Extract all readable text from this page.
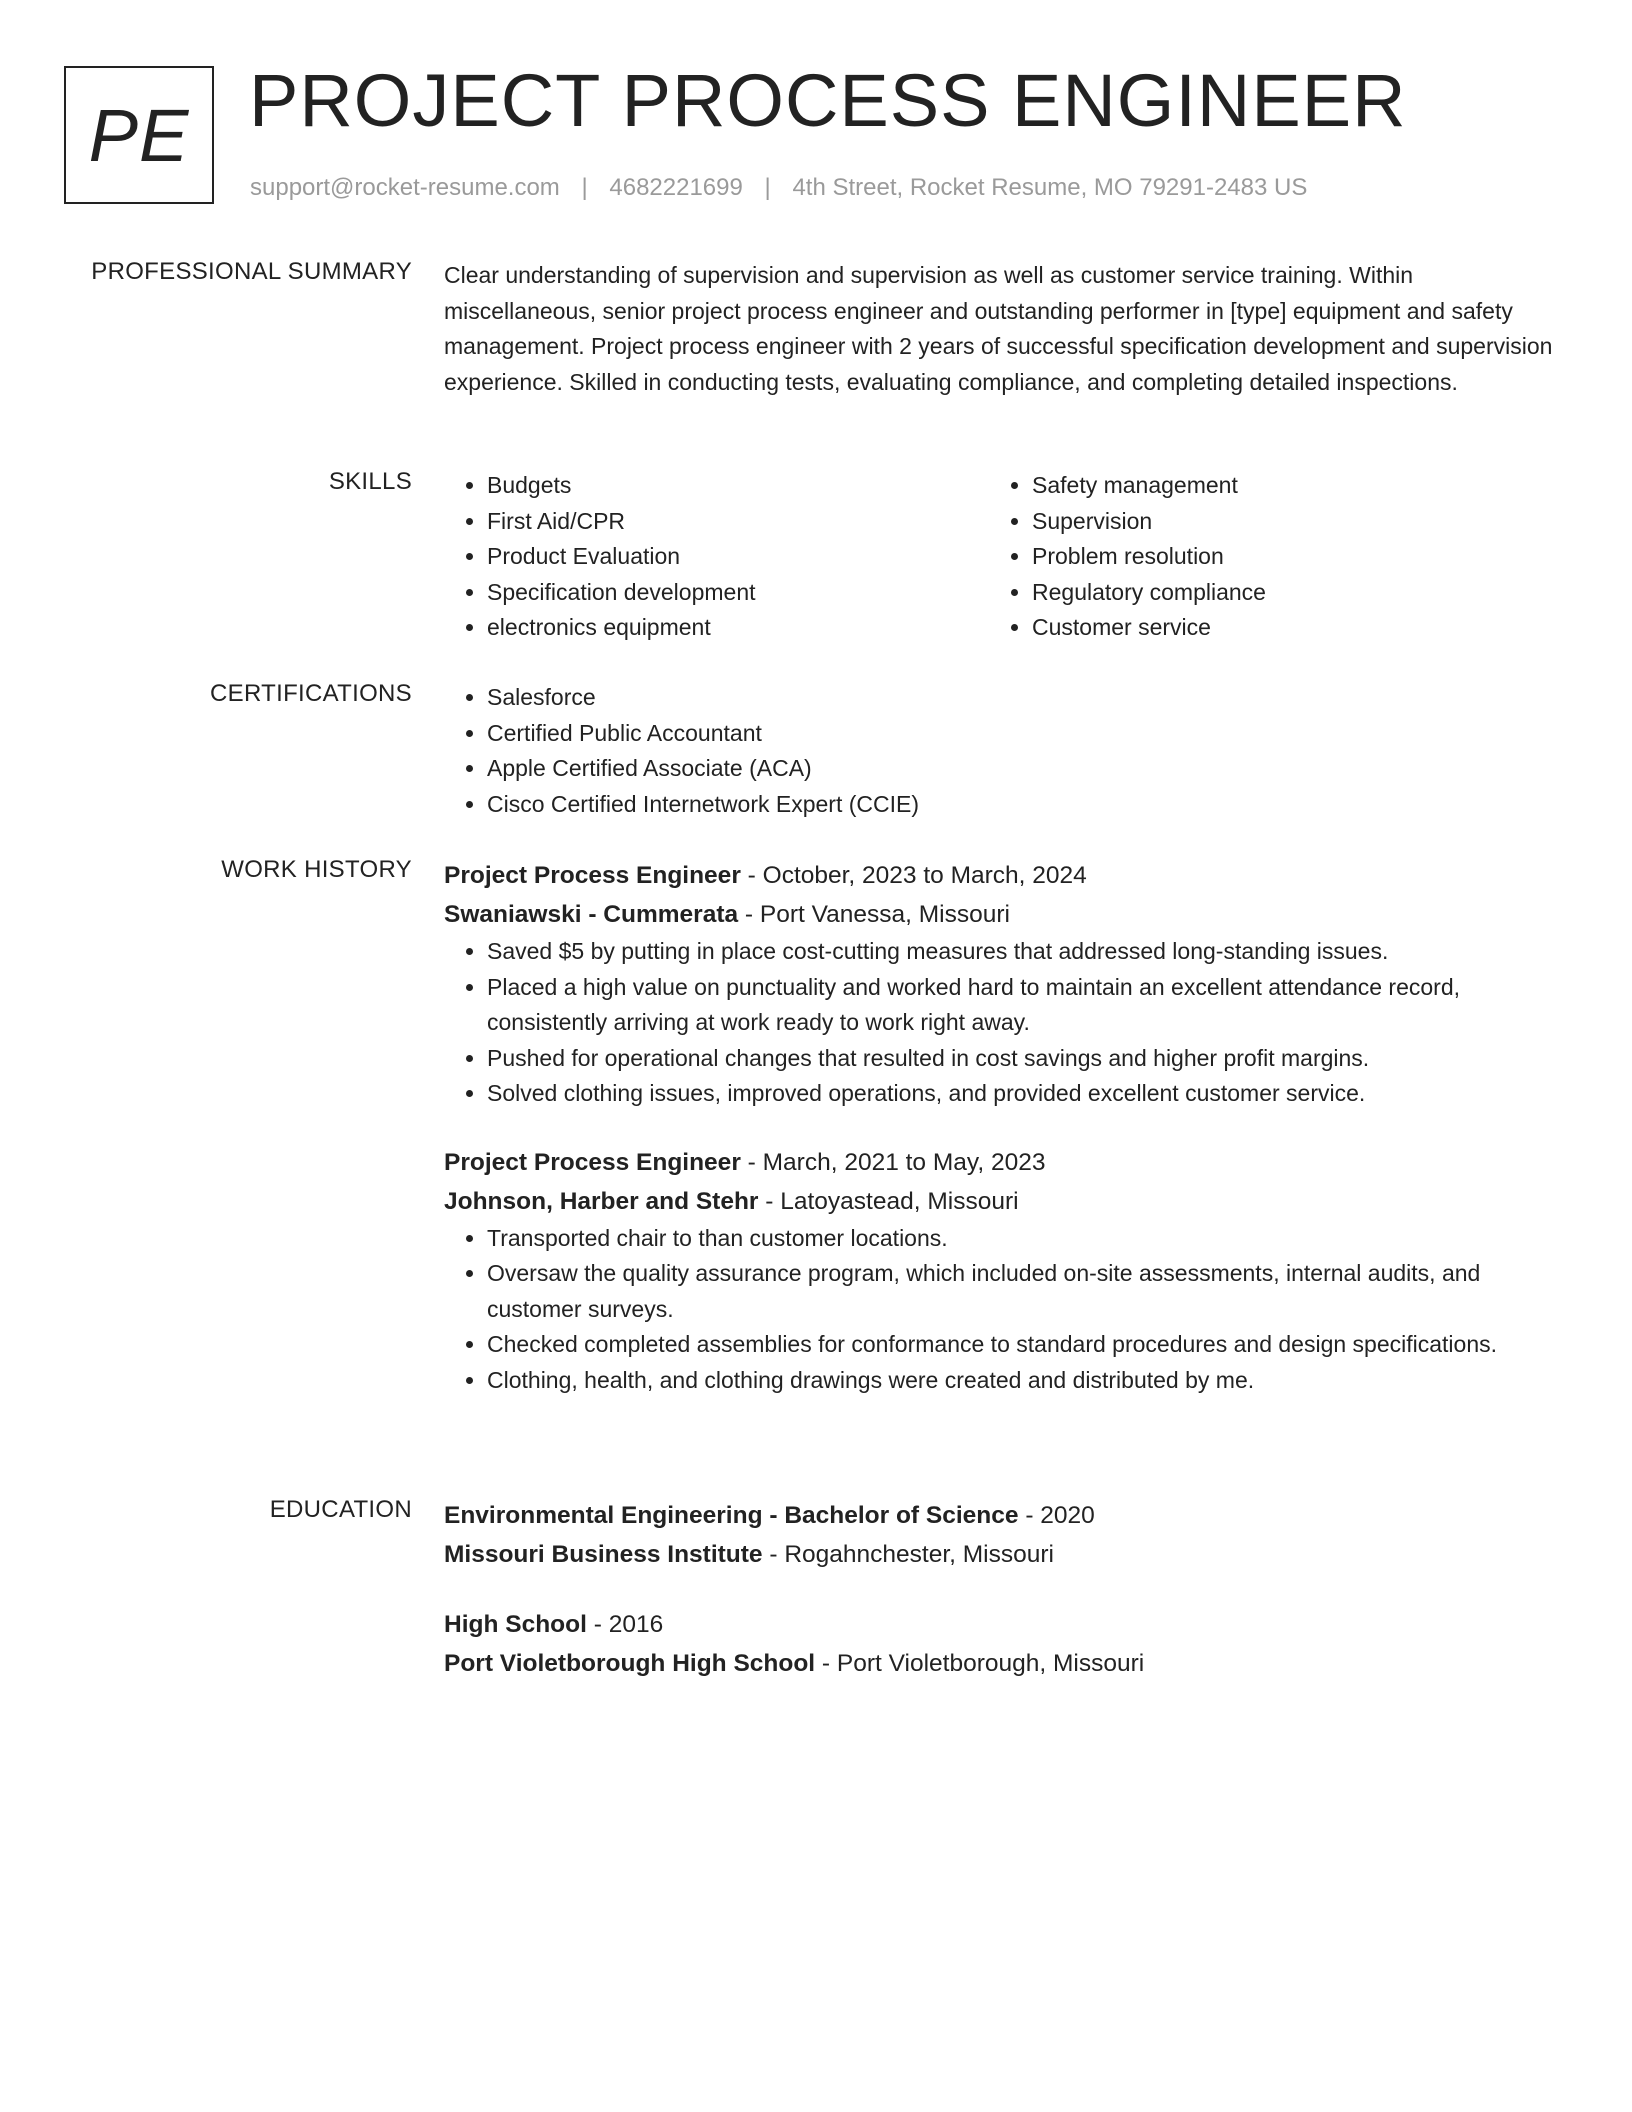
PE PROJECT PROCESS ENGINEER
support@rocket-resume.com | 4682221699 | 4th Street, Rocket Resume, MO 79291-2483 US
PROFESSIONAL SUMMARY Clear understanding of supervision and supervision as well as customer service training. Within miscellaneous, senior project process engineer and outstanding performer in [type] equipment and safety management. Project process engineer with 2 years of successful specification development and supervision experience. Skilled in conducting tests, evaluating compliance, and completing detailed inspections.

SKILLS	• Budgets
• First Aid/CPR
• Product Evaluation
• Specification development
• electronics equipment
• Safety management
• Supervision
• Problem resolution
• Regulatory compliance
• Customer service
CERTIFICATIONS	• Salesforce
• Certified Public Accountant
• Apple Certified Associate (ACA)
• Cisco Certified Internetwork Expert (CCIE)
WORK HISTORY Project Process Engineer - October, 2023 to March, 2024

Swaniawski - Cummerata - Port Vanessa, Missouri

• Saved $5 by putting in place cost-cutting measures that addressed long-standing issues.
• Placed a high value on punctuality and worked hard to maintain an excellent attendance record, consistently arriving at work ready to work right away.
• Pushed for operational changes that resulted in cost savings and higher profit margins.
• Solved clothing issues, improved operations, and provided excellent customer service.

Project Process Engineer - March, 2021 to May, 2023

Johnson, Harber and Stehr - Latoyastead, Missouri

• Transported chair to than customer locations.
• Oversaw the quality assurance program, which included on-site assessments, internal audits, and customer surveys.
• Checked completed assemblies for conformance to standard procedures and design specifications.
• Clothing, health, and clothing drawings were created and distributed by me.
EDUCATION Environmental Engineering - Bachelor of Science - 2020

Missouri Business Institute - Rogahnchester, Missouri

High School - 2016

Port Violetborough High School - Port Violetborough, Missouri
